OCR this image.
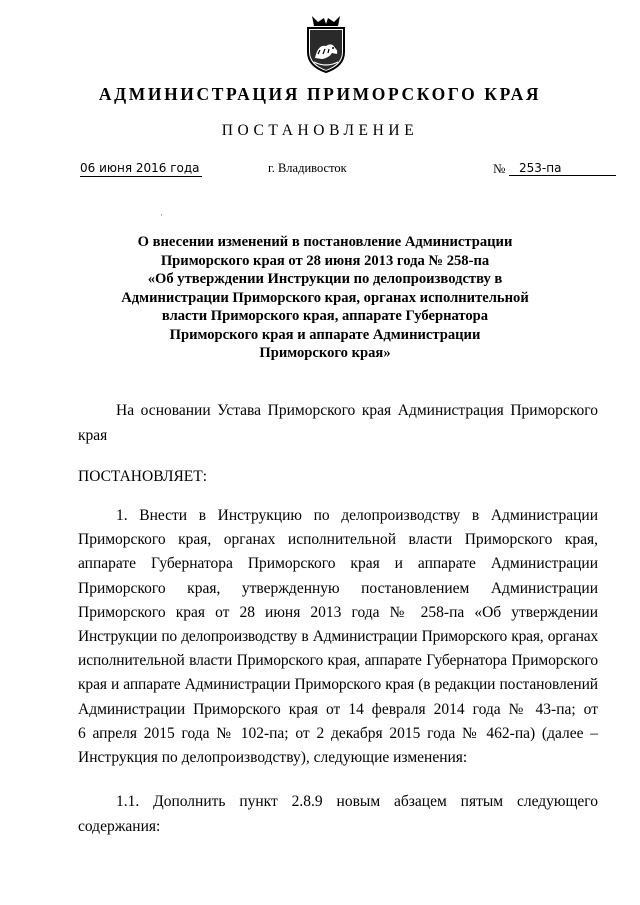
АДМИНИСТРАЦИЯ ПРИМОРСКОГО КРАЯ
ПОСТАНОВЛЕНИЕ
06 июня 2016 года	г. Владивосток	№	253-па
·
О внесении изменений в постановление Администрации
Приморского края от 28 июня 2013 года № 258-па
«Об утверждении Инструкции по делопроизводству в
Администрации Приморского края, органах исполнительной
власти Приморского края, аппарате Губернатора
Приморского края и аппарате Администрации
Приморского края»
На основании Устава Приморского края Администрация Приморского
края
ПОСТАНОВЛЯЕТ:
1. Внести в Инструкцию по делопроизводству в Администрации
Приморского края, органах исполнительной власти Приморского края,
аппарате Губернатора Приморского края и аппарате Администрации
Приморского края, утвержденную постановлением Администрации
Приморского края от 28 июня 2013 года № 258-па «Об утверждении
Инструкции по делопроизводству в Администрации Приморского края, органах
исполнительной власти Приморского края, аппарате Губернатора Приморского
края и аппарате Администрации Приморского края (в редакции постановлений
Администрации Приморского края от 14 февраля 2014 года № 43-па; от
6 апреля 2015 года № 102-па; от 2 декабря 2015 года № 462-па) (далее –
Инструкция по делопроизводству), следующие изменения:
1.1. Дополнить пункт 2.8.9 новым абзацем пятым следующего
содержания:
